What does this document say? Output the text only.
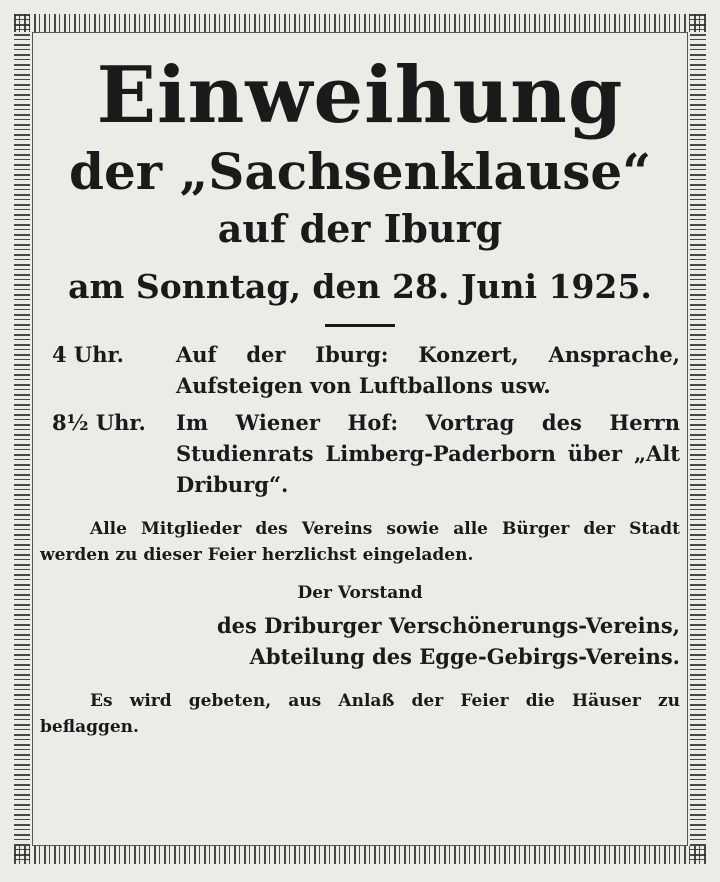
Einweihung
der „Sachsenklause“
auf der Iburg
am Sonntag, den 28. Juni 1925.
4 Uhr.	Auf der Iburg: Konzert, Ansprache, Aufsteigen von Luftballons usw.
8½ Uhr.	Im Wiener Hof: Vortrag des Herrn Studienrats Limberg-Paderborn über „Alt Driburg“.
Alle Mitglieder des Vereins sowie alle Bürger der Stadt werden zu dieser Feier herzlichst eingeladen.
Der Vorstand
des Driburger Verschönerungs-Vereins,
Abteilung des Egge-Gebirgs-Vereins.
Es wird gebeten, aus Anlaß der Feier die Häuser zu beflaggen.
